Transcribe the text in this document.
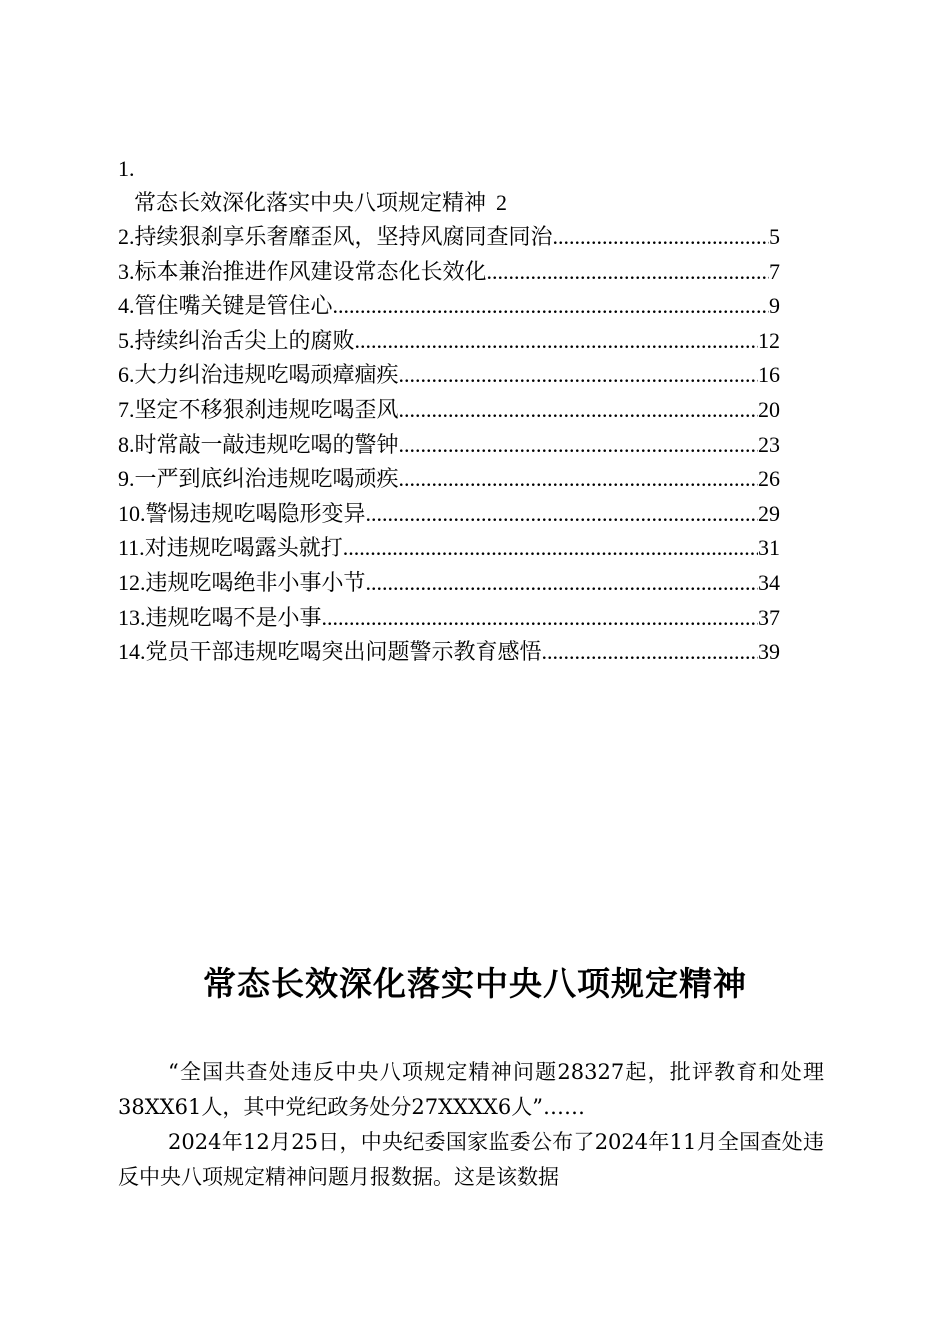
1.
常态长效深化落实中央八项规定精神 2
2. 持续狠刹享乐奢靡歪风，坚持风腐同查同治 .....	5
3. 标本兼治推进作风建设常态化长效化 .....	7
4. 管住嘴关键是管住心 .....	9
5. 持续纠治舌尖上的腐败 .....	12
6. 大力纠治违规吃喝顽瘴痼疾 .....	16
7. 坚定不移狠刹违规吃喝歪风 .....	20
8. 时常敲一敲违规吃喝的警钟 .....	23
9. 一严到底纠治违规吃喝顽疾 .....	26
10. 警惕违规吃喝隐形变异 .....	29
11. 对违规吃喝露头就打 .....	31
12. 违规吃喝绝非小事小节 .....	34
13. 违规吃喝不是小事 .....	37
14. 党员干部违规吃喝突出问题警示教育感悟 .....	39
常态长效深化落实中央八项规定精神
“全国共查处违反中央八项规定精神问题28327起，批评教育和处理38XX61人，其中党纪政务处分27XXXX6人”……
2024年12月25日，中央纪委国家监委公布了2024年11月全国查处违反中央八项规定精神问题月报数据。这是该数据
